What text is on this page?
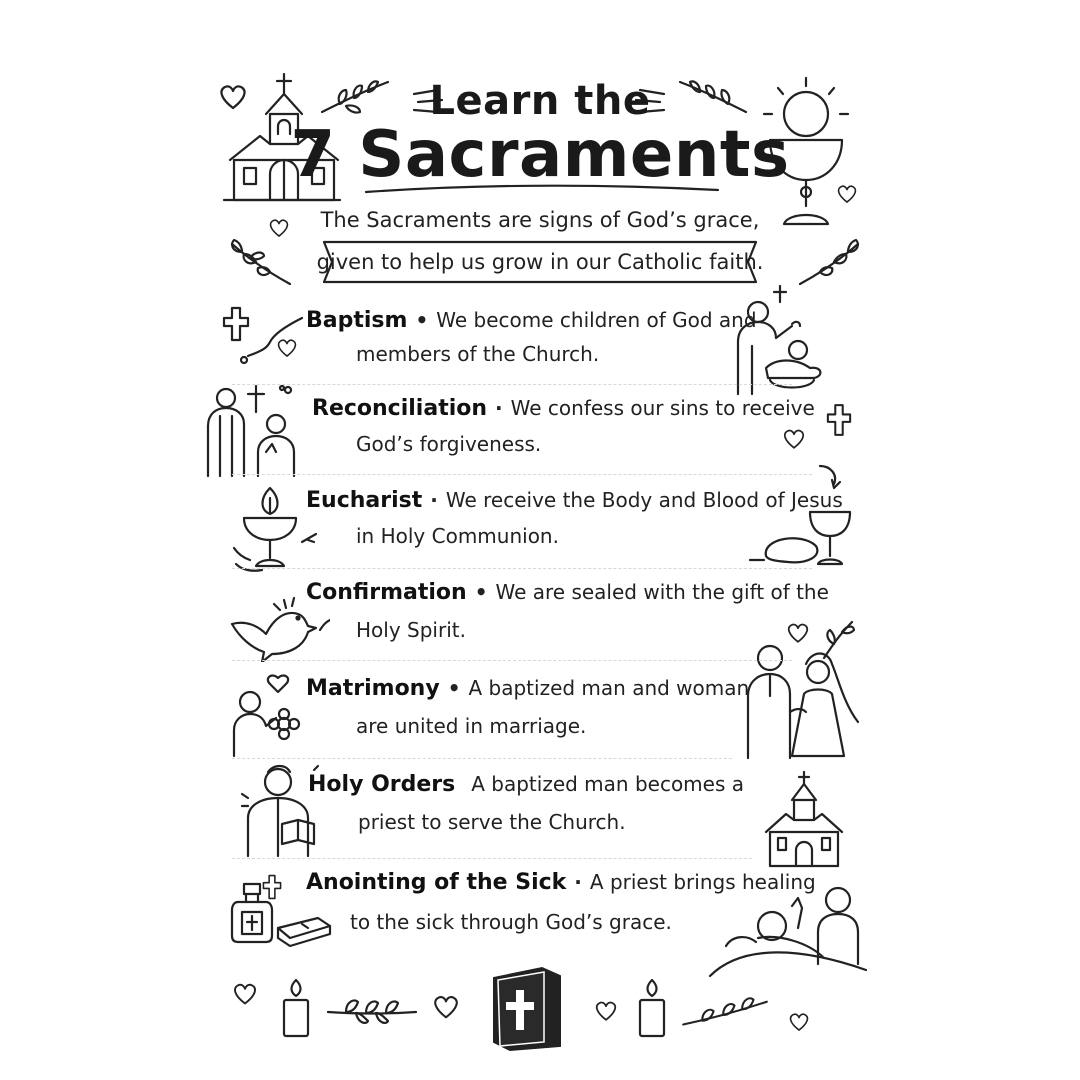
Learn the
7 Sacraments
The Sacraments are signs of God’s grace,
given to help us grow in our Catholic faith.
Baptism • We become children of God and
members of the Church.
Reconciliation · We confess our sins to receive
God’s forgiveness.
Eucharist · We receive the Body and Blood of Jesus
in Holy Communion.
Confirmation • We are sealed with the gift of the
Holy Spirit.
Matrimony • A baptized man and woman
are united in marriage.
Holy Orders A baptized man becomes a
priest to serve the Church.
Anointing of the Sick · A priest brings healing
to the sick through God’s grace.
